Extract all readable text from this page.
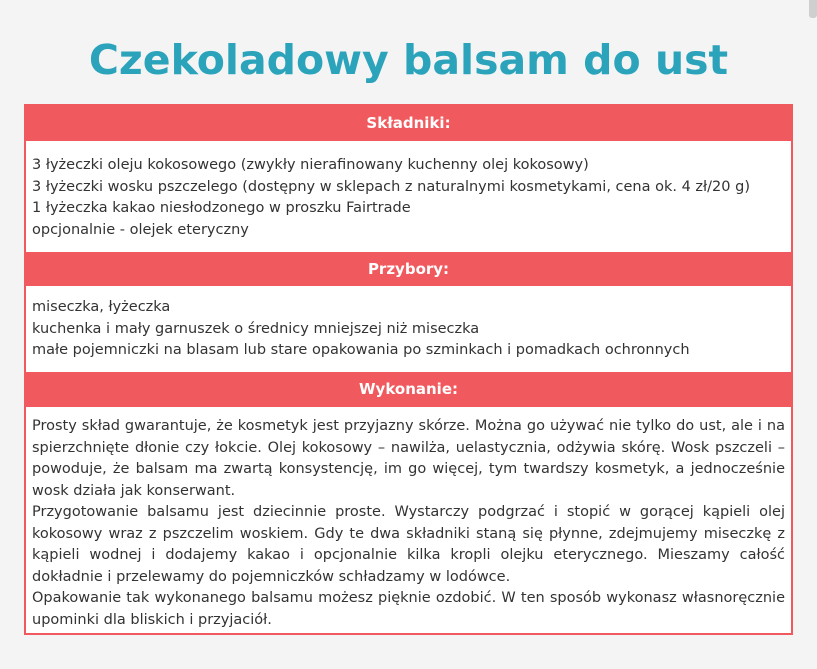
Czekoladowy balsam do ust
Składniki:
3 łyżeczki oleju kokosowego (zwykły nierafinowany kuchenny olej kokosowy)
3 łyżeczki wosku pszczelego (dostępny w sklepach z naturalnymi kosmetykami, cena ok. 4 zł/20 g)
1 łyżeczka kakao niesłodzonego w proszku Fairtrade
opcjonalnie - olejek eteryczny
Przybory:
miseczka, łyżeczka
kuchenka i mały garnuszek o średnicy mniejszej niż miseczka
małe pojemniczki na blasam lub stare opakowania po szminkach i pomadkach ochronnych
Wykonanie:

Prosty skład gwarantuje, że kosmetyk jest przyjazny skórze. Można go używać nie tylko do ust, ale i na spierzchnięte dłonie czy łokcie. Olej kokosowy – nawilża, uelastycznia, odżywia skórę. Wosk pszczeli – powoduje, że balsam ma zwartą konsystencję, im go więcej, tym twardszy kosmetyk, a jednocześnie wosk działa jak konserwant.

Przygotowanie balsamu jest dziecinnie proste. Wystarczy podgrzać i stopić w gorącej kąpieli olej kokosowy wraz z pszczelim woskiem. Gdy te dwa składniki staną się płynne, zdejmujemy miseczkę z kąpieli wodnej i dodajemy kakao i opcjonalnie kilka kropli olejku eterycznego. Mieszamy całość dokładnie i przelewamy do pojemniczków schładzamy w lodówce.

Opakowanie tak wykonanego balsamu możesz pięknie ozdobić. W ten sposób wykonasz własnoręcznie upominki dla bliskich i przyjaciół.
